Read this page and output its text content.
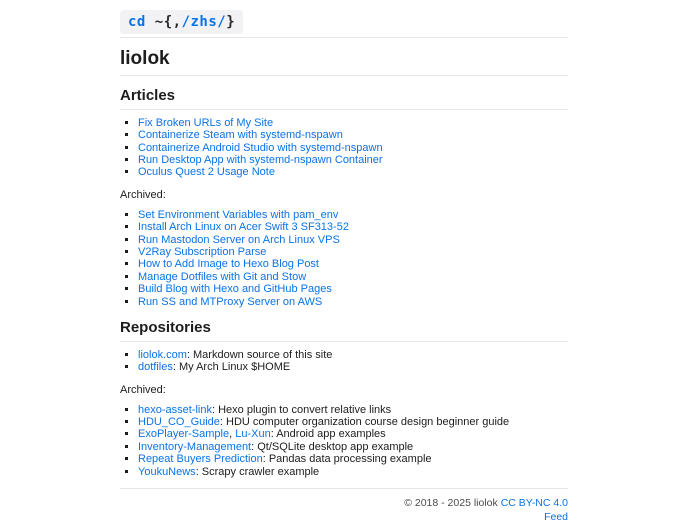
cd ~{,/zhs/}
liolok
Articles
▪ Fix Broken URLs of My Site
▪ Containerize Steam with systemd-nspawn
▪ Containerize Android Studio with systemd-nspawn
▪ Run Desktop App with systemd-nspawn Container
▪ Oculus Quest 2 Usage Note

Archived:

▪ Set Environment Variables with pam_env
▪ Install Arch Linux on Acer Swift 3 SF313-52
▪ Run Mastodon Server on Arch Linux VPS
▪ V2Ray Subscription Parse
▪ How to Add Image to Hexo Blog Post
▪ Manage Dotfiles with Git and Stow
▪ Build Blog with Hexo and GitHub Pages
▪ Run SS and MTProxy Server on AWS
Repositories
▪ liolok.com: Markdown source of this site
▪ dotfiles: My Arch Linux $HOME

Archived:

▪ hexo-asset-link: Hexo plugin to convert relative links
▪ HDU_CO_Guide: HDU computer organization course design beginner guide
▪ ExoPlayer-Sample, Lu-Xun: Android app examples
▪ Inventory-Management: Qt/SQLite desktop app example
▪ Repeat Buyers Prediction: Pandas data processing example
▪ YoukuNews: Scrapy crawler example
© 2018 - 2025 liolok CC BY-NC 4.0
Feed
